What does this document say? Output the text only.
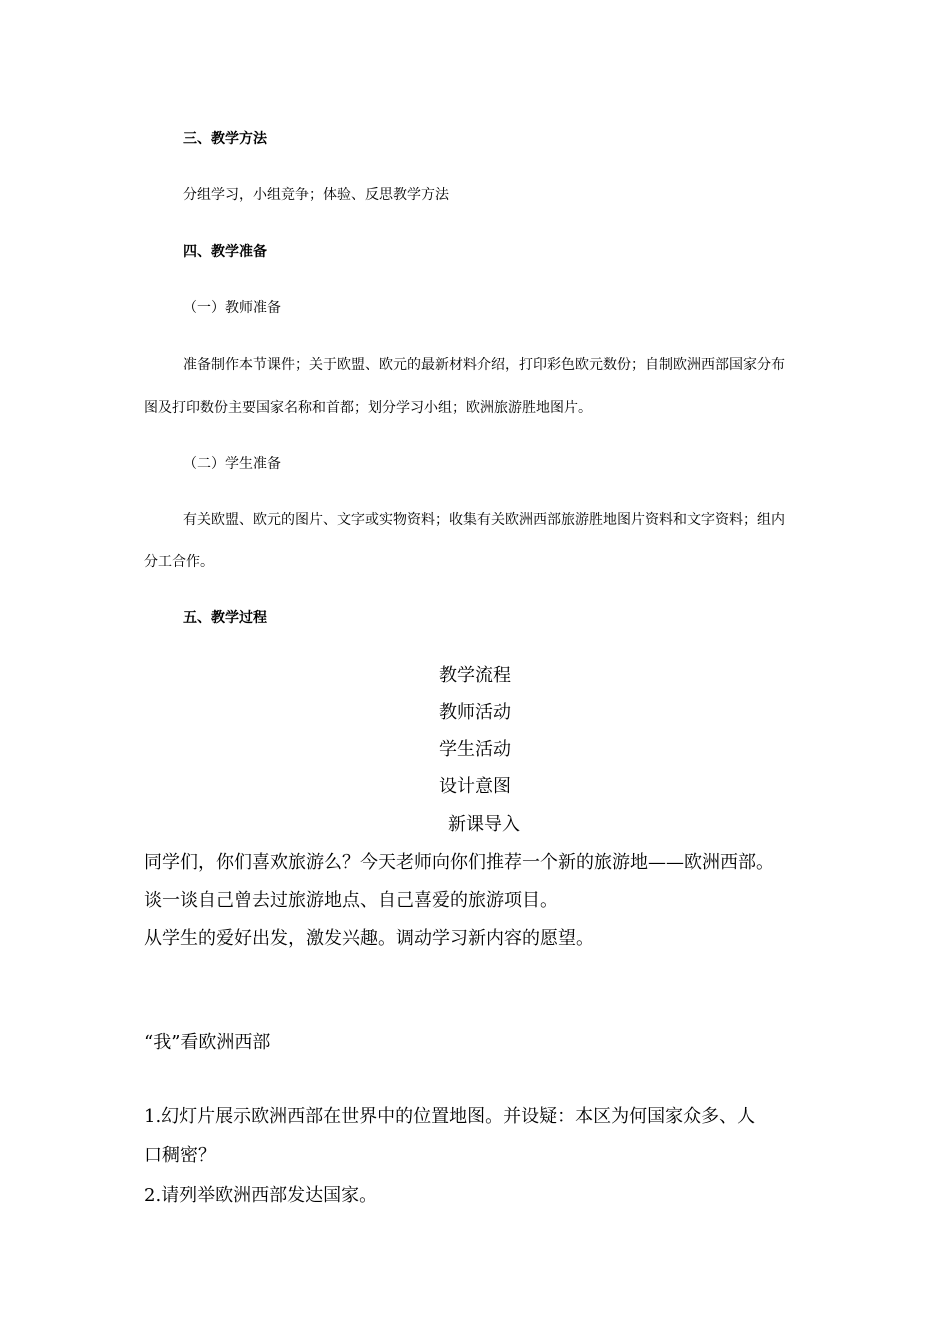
三、教学方法

分组学习，小组竞争；体验、反思教学方法

四、教学准备

（一）教师准备

准备制作本节课件；关于欧盟、欧元的最新材料介绍，打印彩色欧元数份；自制欧洲西部国家分布

图及打印数份主要国家名称和首都；划分学习小组；欧洲旅游胜地图片。

（二）学生准备

有关欧盟、欧元的图片、文字或实物资料；收集有关欧洲西部旅游胜地图片资料和文字资料；组内

分工合作。

五、教学过程

教学流程

教师活动

学生活动

设计意图

新课导入

同学们，你们喜欢旅游么？今天老师向你们推荐一个新的旅游地——欧洲西部。

谈一谈自己曾去过旅游地点、自己喜爱的旅游项目。

从学生的爱好出发，激发兴趣。调动学习新内容的愿望。

“我”看欧洲西部

1.幻灯片展示欧洲西部在世界中的位置地图。并设疑：本区为何国家众多、人

口稠密？

2.请列举欧洲西部发达国家。
